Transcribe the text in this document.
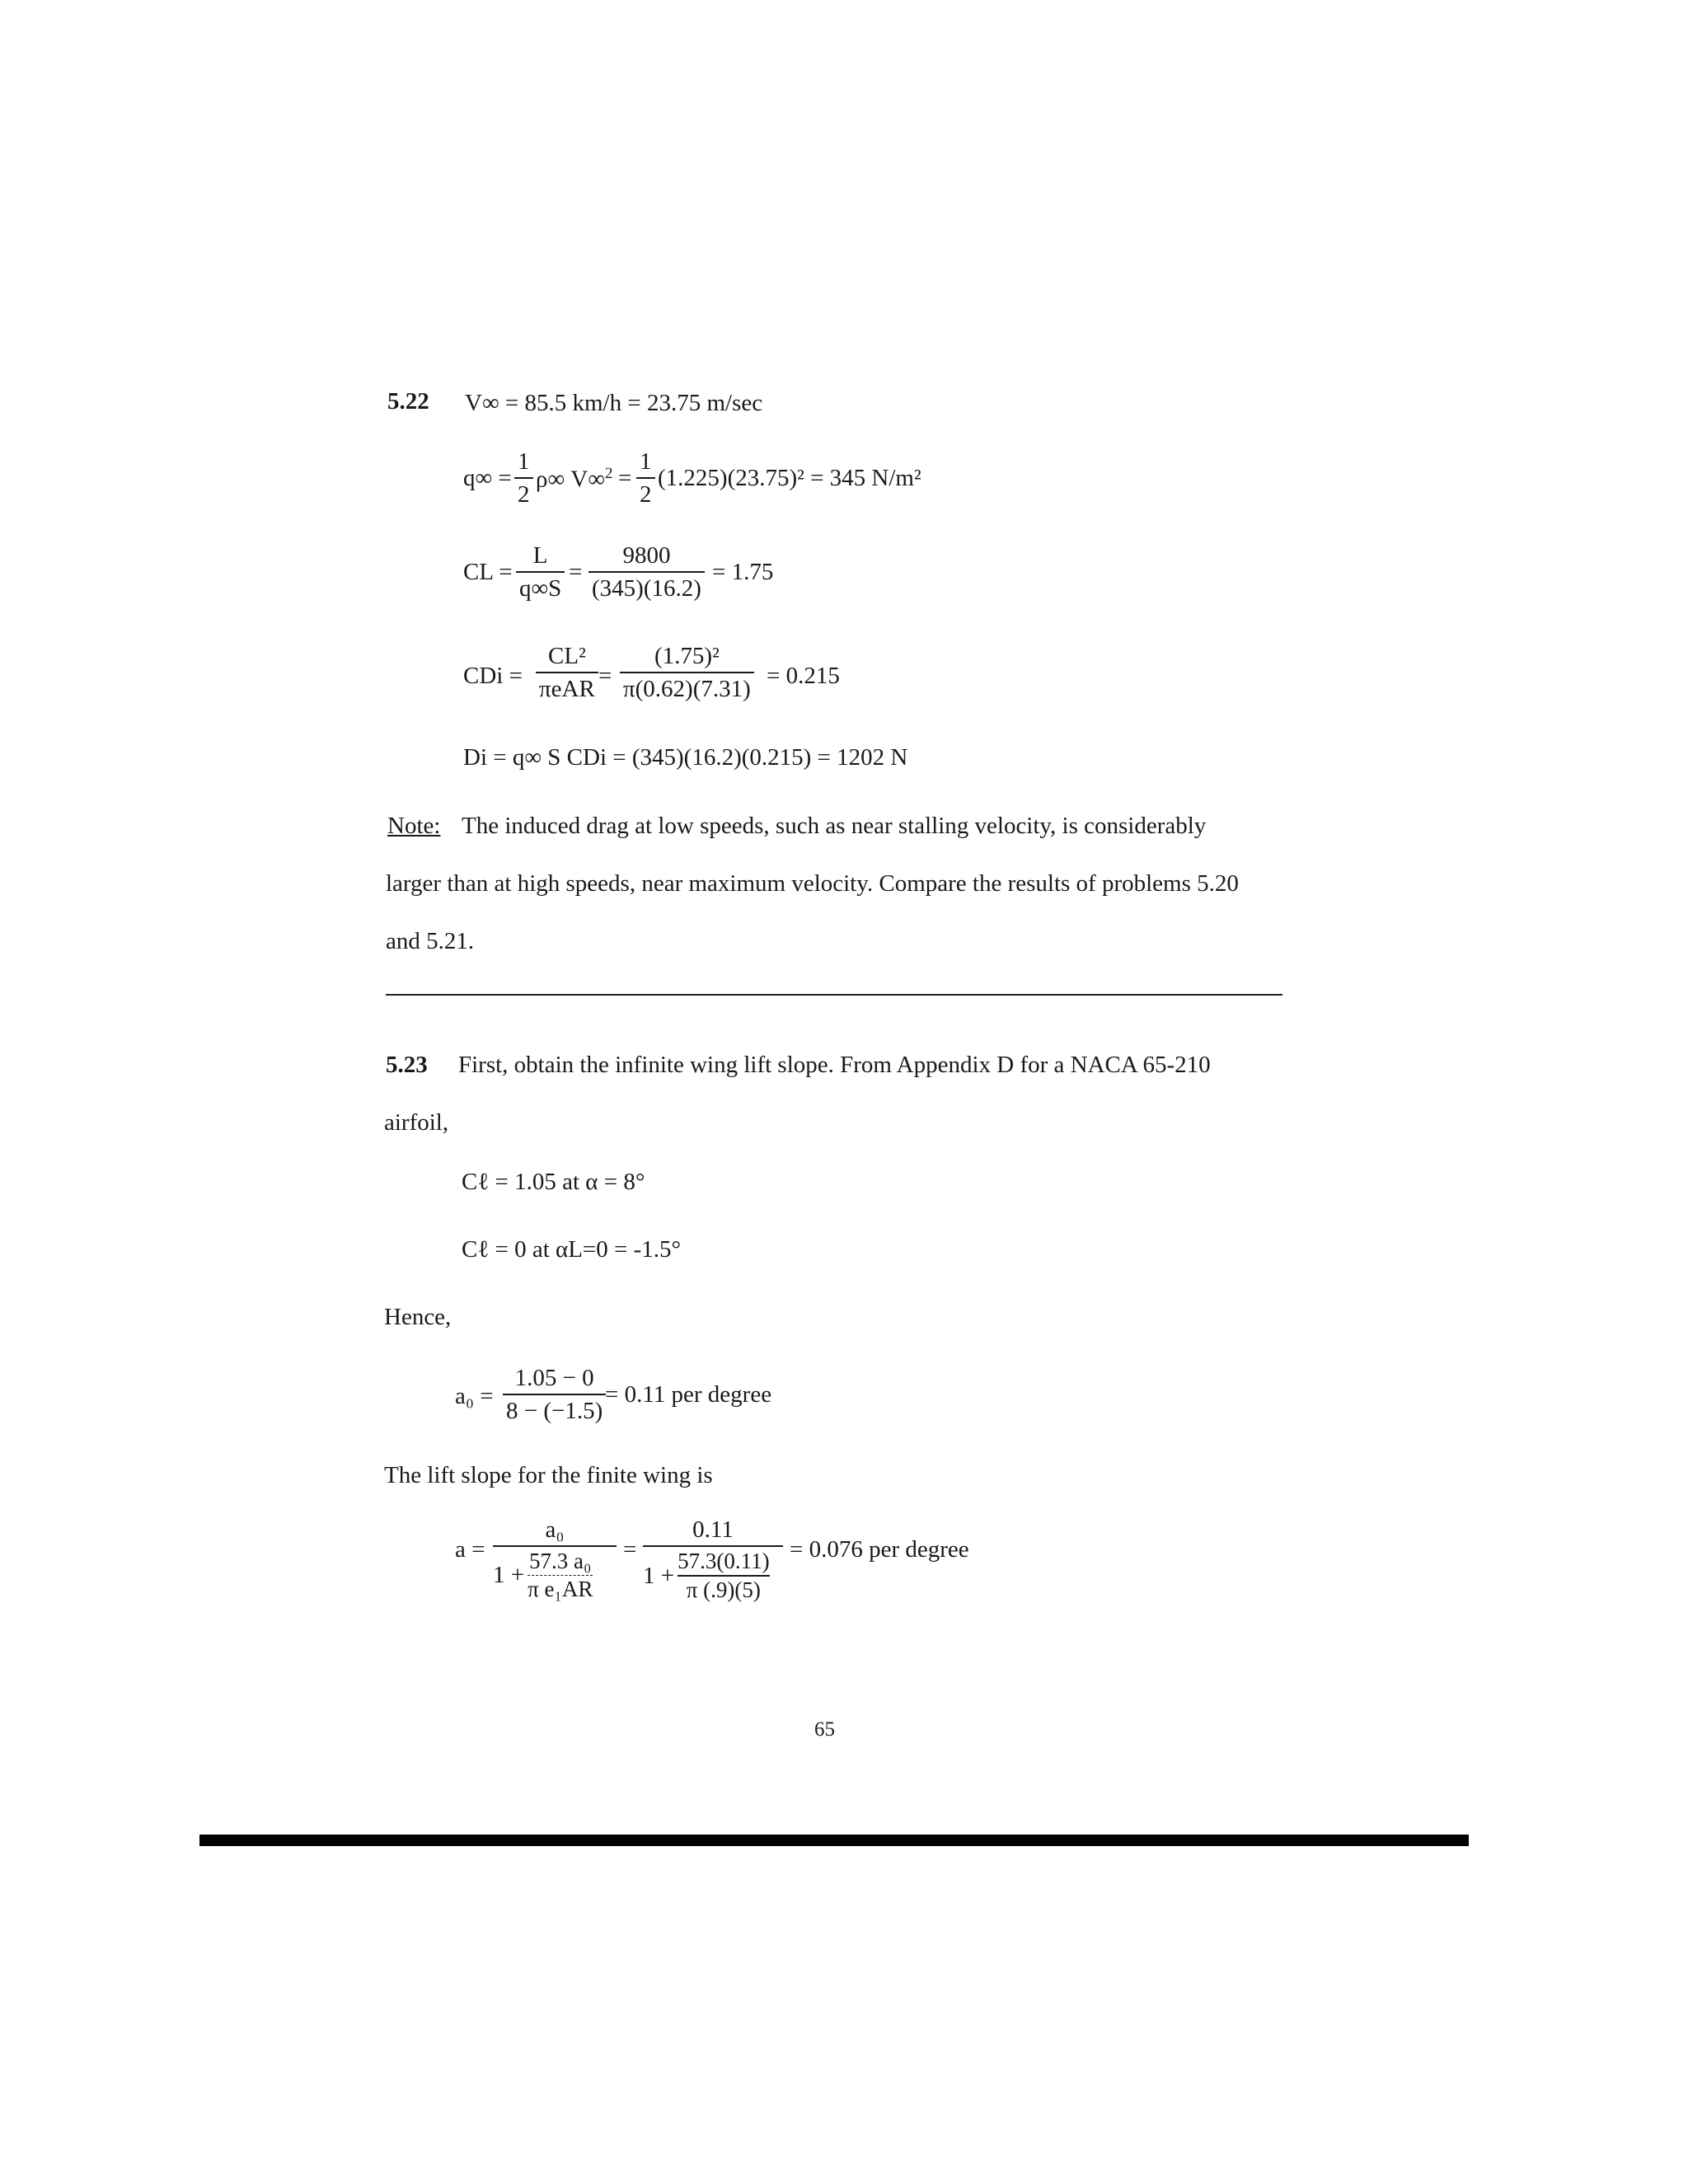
5.22 V∞ = 85.5 km/h = 23.75 m/sec
q∞ =
1
2
ρ∞ V∞$^2$ =
1
2
(1.225)(23.75)² = 345 N/m²
CL =
L
q∞S
=
9800
(345)(16.2)
= 1.75
CDi =
CL²
πeAR =
(1.75)²
π(0.62)(7.31) = 0.215
Di = q∞ S CDi = (345)(16.2)(0.215) = 1202 N
Note: The induced drag at low speeds, such as near stalling velocity, is considerably
larger than at high speeds, near maximum velocity. Compare the results of problems 5.20
and 5.21.
5.23 First, obtain the infinite wing lift slope. From Appendix D for a NACA 65-210
airfoil,
Cℓ = 1.05 at α = 8°
Cℓ = 0 at αL=0 = -1.5°
Hence,
a₀ =
1.05 − 0
8 − (−1.5)
= 0.11 per degree
The lift slope for the finite wing is
a =
a₀
1 +
57.3 a₀
π e₁AR
=
0.11
1 +
57.3(0.11)
π (.9)(5)
= 0.076 per degree
65
